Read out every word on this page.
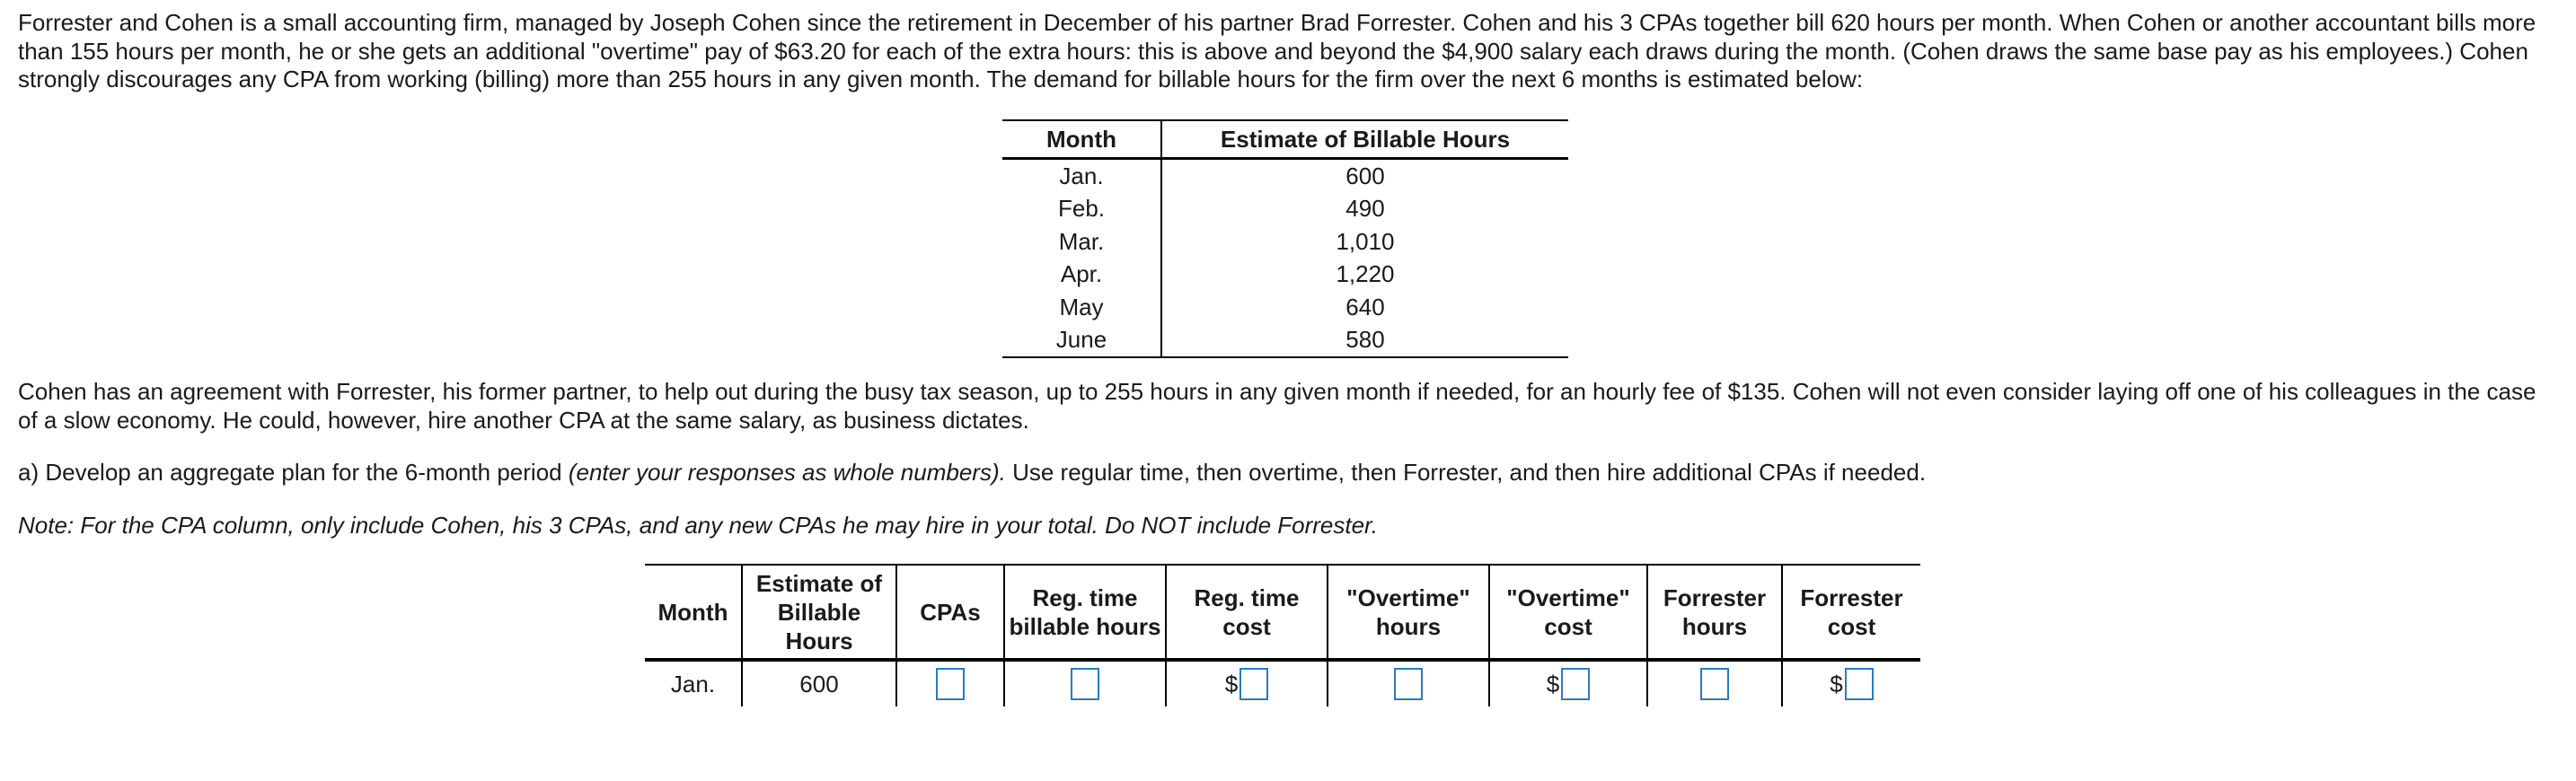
Forrester and Cohen is a small accounting firm, managed by Joseph Cohen since the retirement in December of his partner Brad Forrester. Cohen and his 3 CPAs together bill 620 hours per month. When Cohen or another accountant bills more than 155 hours per month, he or she gets an additional "overtime" pay of $63.20 for each of the extra hours: this is above and beyond the $4,900 salary each draws during the month. (Cohen draws the same base pay as his employees.) Cohen strongly discourages any CPA from working (billing) more than 255 hours in any given month. The demand for billable hours for the firm over the next 6 months is estimated below:

Month	Estimate of Billable Hours
Jan.	600
Feb.	490
Mar.	1,010
Apr.	1,220
May	640
June	580

Cohen has an agreement with Forrester, his former partner, to help out during the busy tax season, up to 255 hours in any given month if needed, for an hourly fee of $135. Cohen will not even consider laying off one of his colleagues in the case of a slow economy. He could, however, hire another CPA at the same salary, as business dictates.

a) Develop an aggregate plan for the 6-month period (enter your responses as whole numbers). Use regular time, then overtime, then Forrester, and then hire additional CPAs if needed.

Note: For the CPA column, only include Cohen, his 3 CPAs, and any new CPAs he may hire in your total. Do NOT include Forrester.

Month	Estimate of Billable Hours	CPAs	Reg. time billable hours	Reg. time cost	"Overtime" hours	"Overtime" cost	Forrester hours	Forrester cost
Jan.	600			$		$		$
